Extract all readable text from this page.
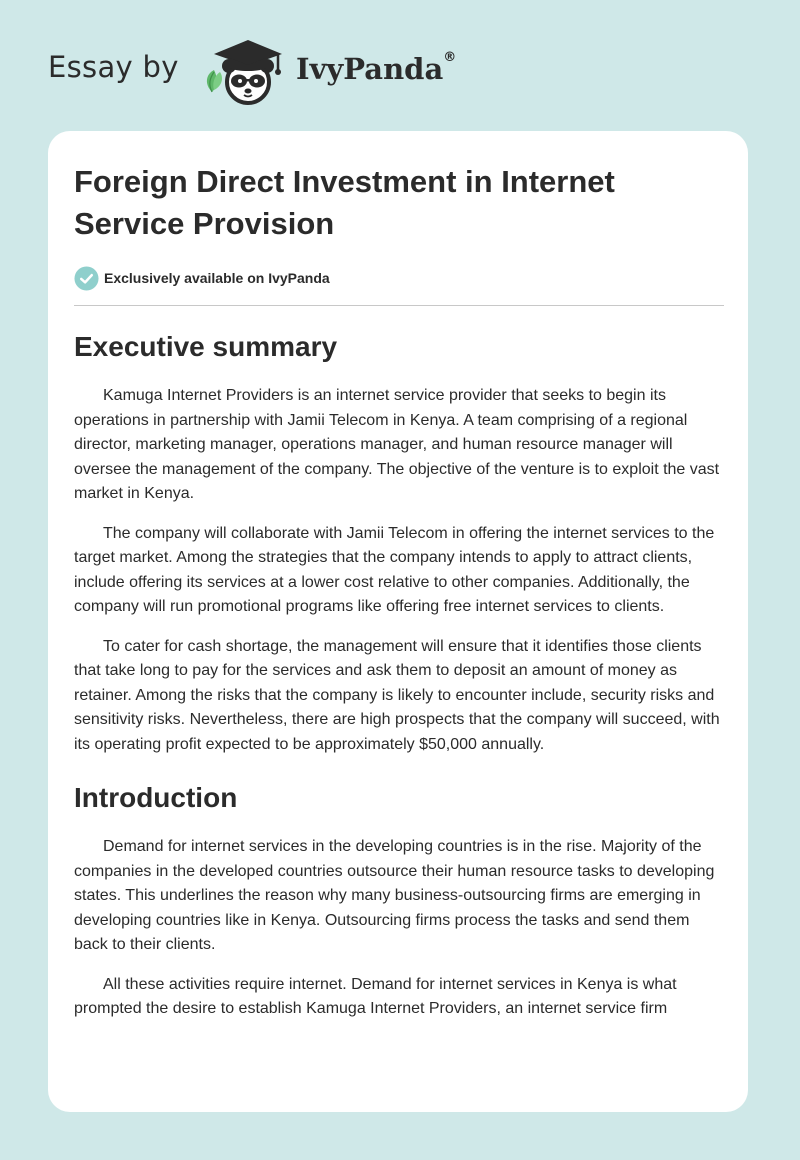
Essay by	IvyPanda®
Foreign Direct Investment in Internet Service Provision
Exclusively available on IvyPanda
Executive summary

Kamuga Internet Providers is an internet service provider that seeks to begin its operations in partnership with Jamii Telecom in Kenya. A team comprising of a regional director, marketing manager, operations manager, and human resource manager will oversee the management of the company. The objective of the venture is to exploit the vast market in Kenya.

The company will collaborate with Jamii Telecom in offering the internet services to the target market. Among the strategies that the company intends to apply to attract clients, include offering its services at a lower cost relative to other companies. Additionally, the company will run promotional programs like offering free internet services to clients.

To cater for cash shortage, the management will ensure that it identifies those clients that take long to pay for the services and ask them to deposit an amount of money as retainer. Among the risks that the company is likely to encounter include, security risks and sensitivity risks. Nevertheless, there are high prospects that the company will succeed, with its operating profit expected to be approximately $50,000 annually.

Introduction

Demand for internet services in the developing countries is in the rise. Majority of the companies in the developed countries outsource their human resource tasks to developing states. This underlines the reason why many business-outsourcing firms are emerging in developing countries like in Kenya. Outsourcing firms process the tasks and send them back to their clients.

All these activities require internet. Demand for internet services in Kenya is what prompted the desire to establish Kamuga Internet Providers, an internet service firm
